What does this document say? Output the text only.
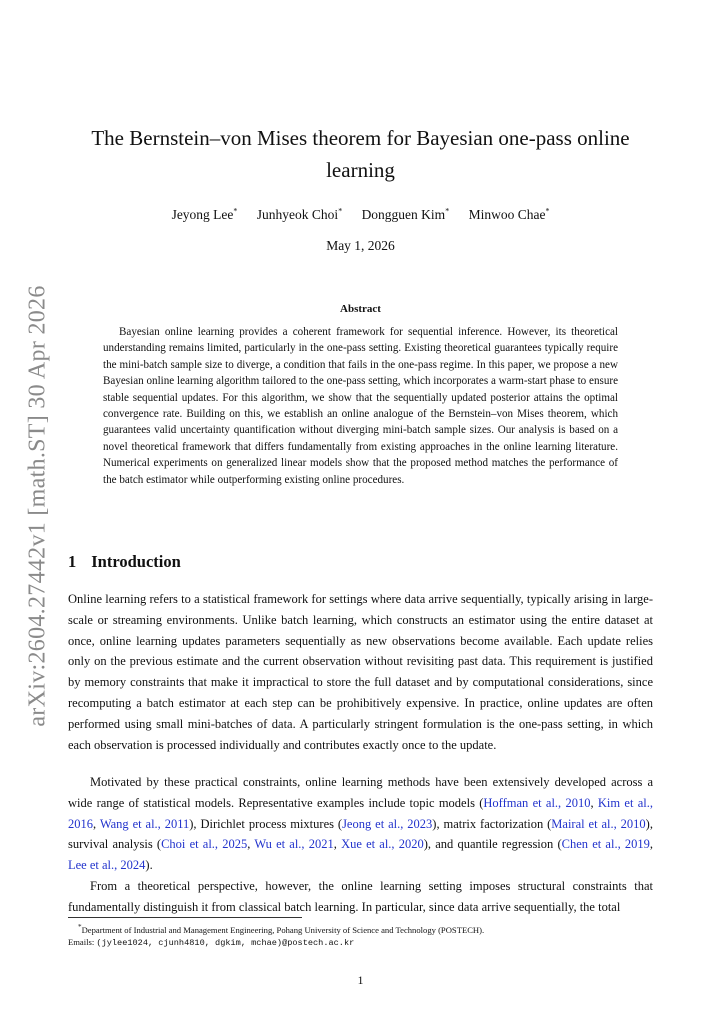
arXiv:2604.27442v1 [math.ST] 30 Apr 2026
The Bernstein–von Mises theorem for Bayesian one-pass online
learning
Jeyong Lee* Junhyeok Choi* Dongguen Kim* Minwoo Chae*
May 1, 2026
Abstract
Bayesian online learning provides a coherent framework for sequential inference. However, its theoretical understanding remains limited, particularly in the one-pass setting. Existing theoretical guarantees typically require the mini-batch sample size to diverge, a condition that fails in the one-pass regime. In this paper, we propose a new Bayesian online learning algorithm tailored to the one-pass setting, which incorporates a warm-start phase to ensure stable sequential updates. For this algorithm, we show that the sequentially updated posterior attains the optimal convergence rate. Building on this, we establish an online analogue of the Bernstein–von Mises theorem, which guarantees valid uncertainty quantification without diverging mini-batch sample sizes. Our analysis is based on a novel theoretical framework that differs fundamentally from existing approaches in the online learning literature. Numerical experiments on generalized linear models show that the proposed method matches the performance of the batch estimator while outperforming existing online procedures.
1 Introduction
Online learning refers to a statistical framework for settings where data arrive sequentially, typically arising in large-scale or streaming environments. Unlike batch learning, which constructs an estimator using the entire dataset at once, online learning updates parameters sequentially as new observations become available. Each update relies only on the previous estimate and the current observation without revisiting past data. This requirement is justified by memory constraints that make it impractical to store the full dataset and by computational considerations, since recomputing a batch estimator at each step can be prohibitively expensive. In practice, online updates are often performed using small mini-batches of data. A particularly stringent formulation is the one-pass setting, in which each observation is processed individually and contributes exactly once to the update.
Motivated by these practical constraints, online learning methods have been extensively developed across a wide range of statistical models. Representative examples include topic models (Hoffman et al., 2010, Kim et al., 2016, Wang et al., 2011), Dirichlet process mixtures (Jeong et al., 2023), matrix factorization (Mairal et al., 2010), survival analysis (Choi et al., 2025, Wu et al., 2021, Xue et al., 2020), and quantile regression (Chen et al., 2019, Lee et al., 2024).
From a theoretical perspective, however, the online learning setting imposes structural constraints that fundamentally distinguish it from classical batch learning. In particular, since data arrive sequentially, the total
*Department of Industrial and Management Engineering, Pohang University of Science and Technology (POSTECH).
Emails: (jylee1024, cjunh4810, dgkim, mchae)@postech.ac.kr
1
